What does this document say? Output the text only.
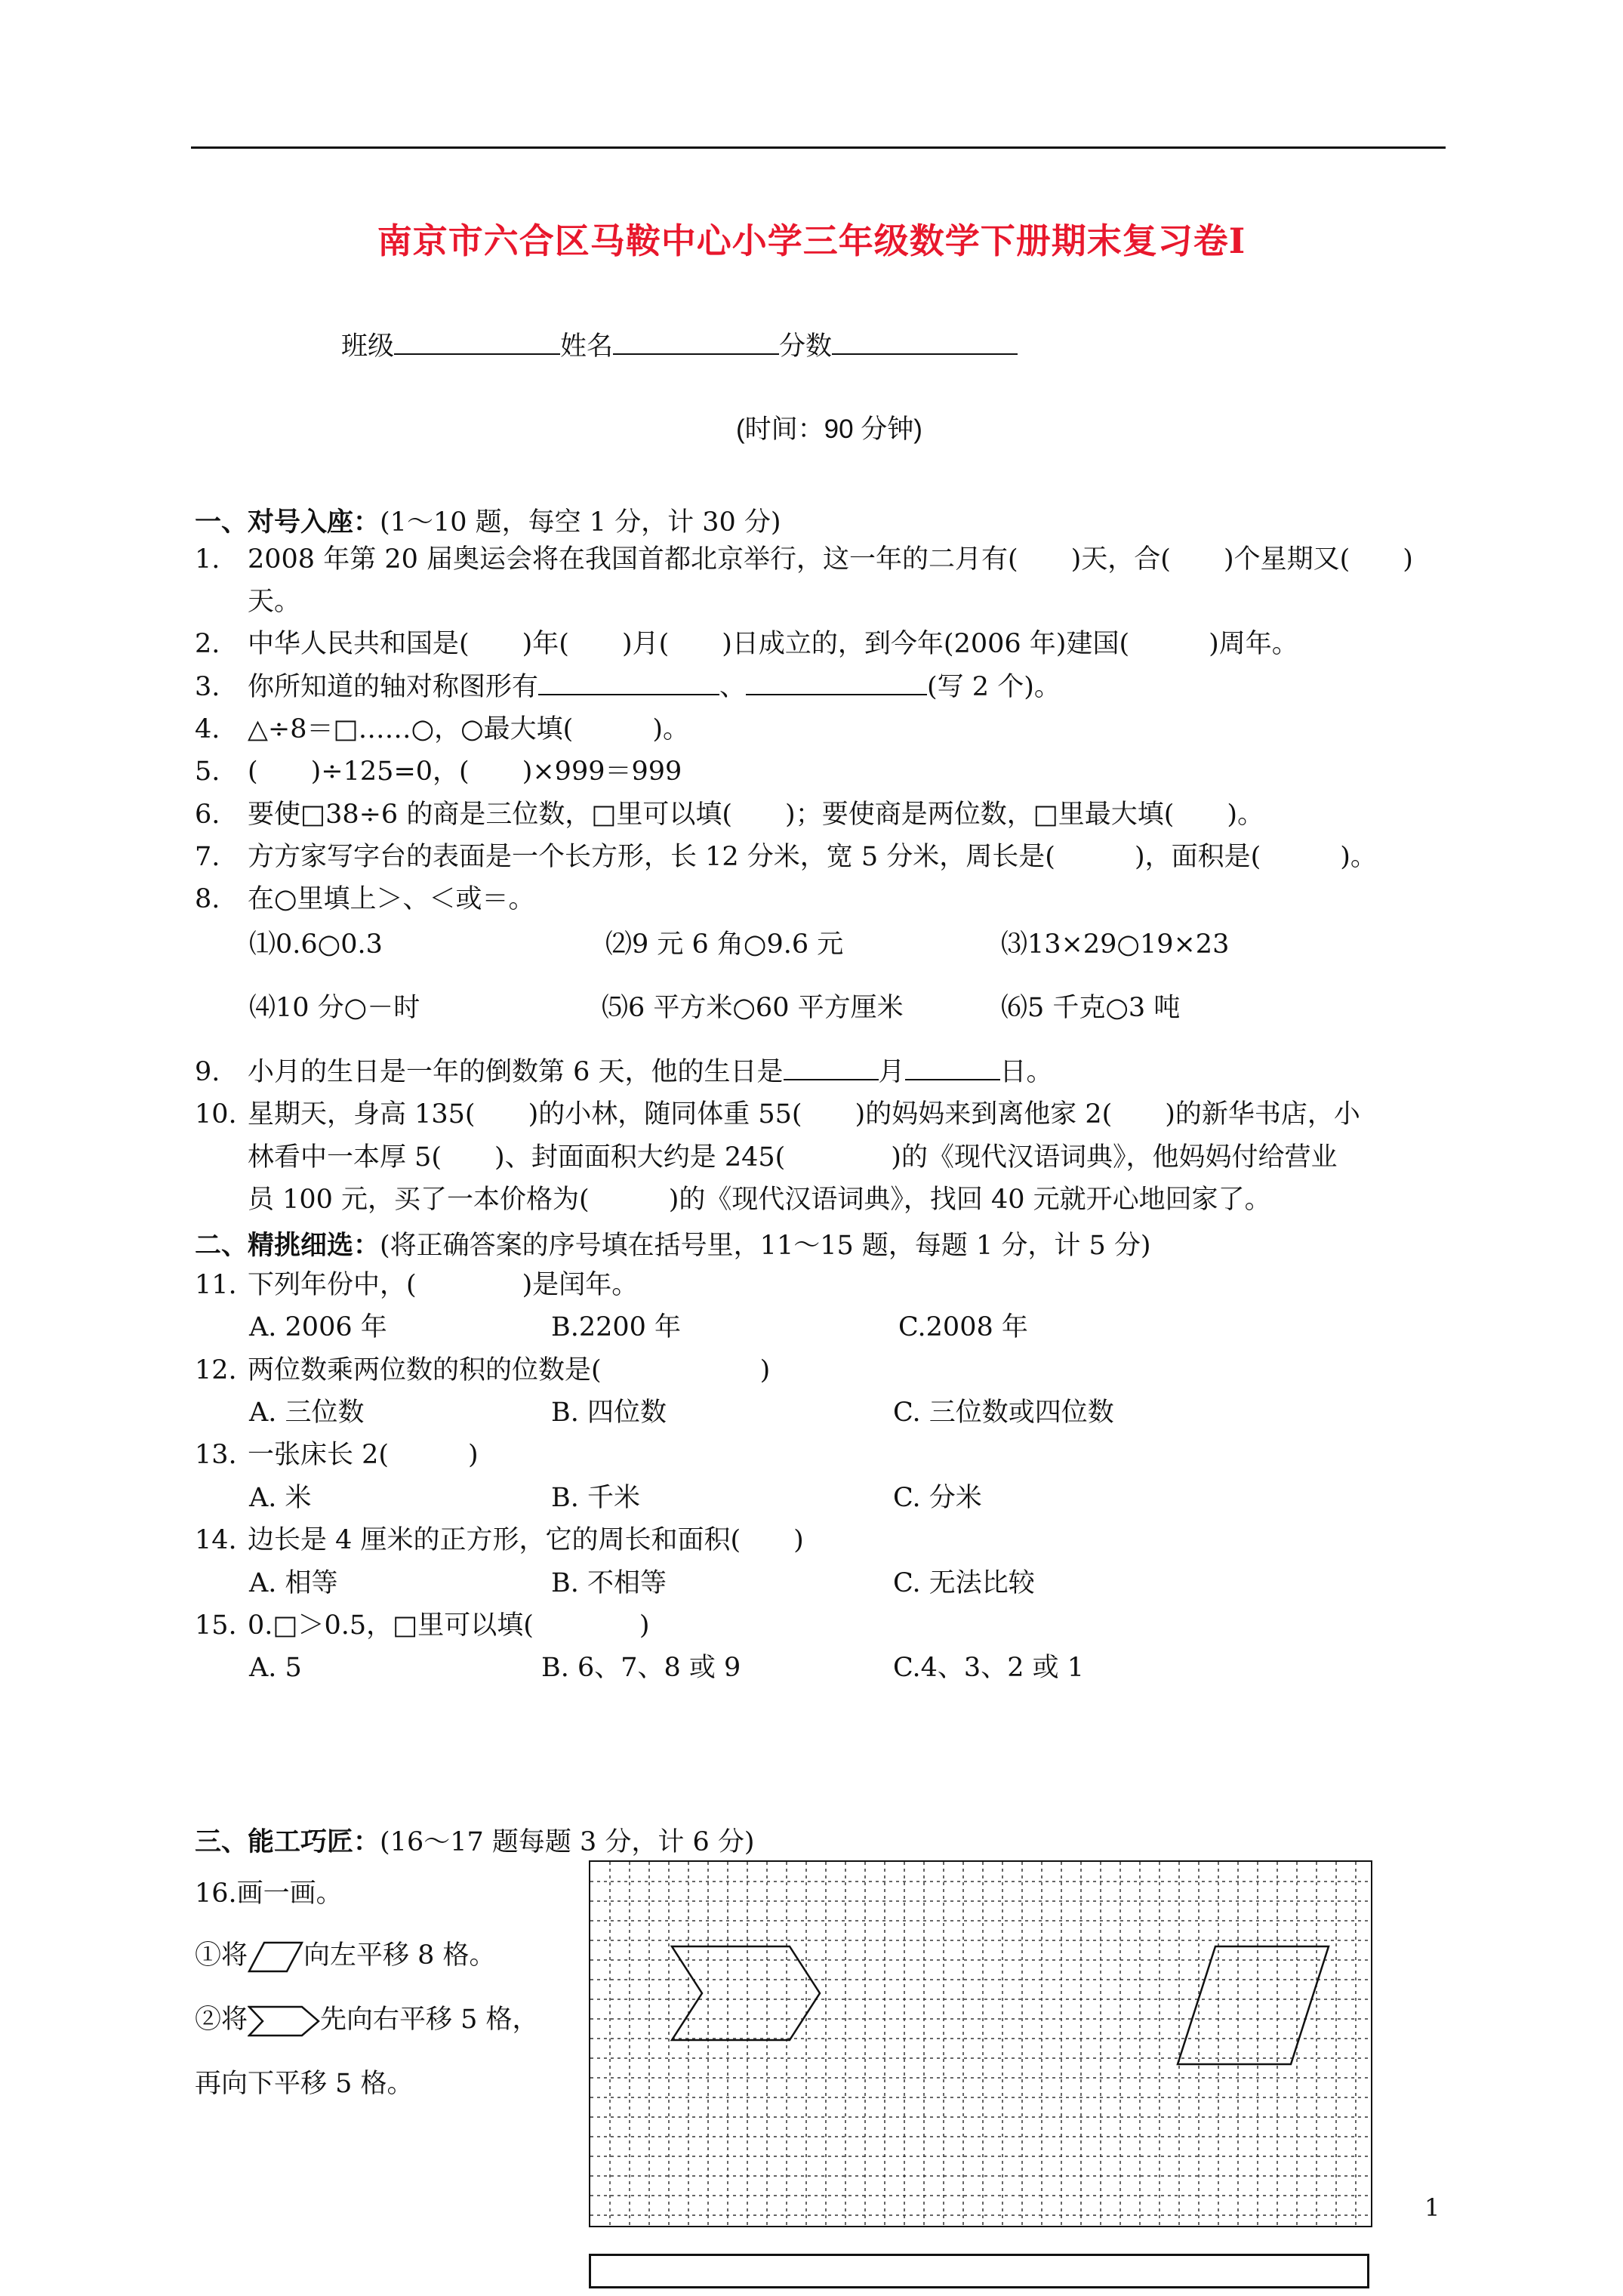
南京市六合区马鞍中心小学三年级数学下册期末复习卷Ⅰ
班级	姓名	分数
(时间：90 分钟)
一、对号入座：(1～10 题，每空 1 分，计 30 分)
1. 2008 年第 20 届奥运会将在我国首都北京举行，这一年的二月有(　　)天，合(　　)个星期又(　　)
天。
2. 中华人民共和国是(　　)年(　　)月(　　)日成立的，到今年(2006 年)建国(　　　)周年。
3. 你所知道的轴对称图形有	、	(写 2 个)。
4. △÷8＝□……○，○最大填(　　　)。
5. (　　)÷125=0，(　　)×999＝999
6. 要使□38÷6 的商是三位数，□里可以填(　　)；要使商是两位数，□里最大填(　　)。
7. 方方家写字台的表面是一个长方形，长 12 分米，宽 5 分米，周长是(　　　)，面积是(　　　)。
8. 在○里填上＞、＜或＝。
⑴0.6○0.3	⑵9 元 6 角○9.6 元	⑶13×29○19×23
⑷10 分○－时	⑸6 平方米○60 平方厘米	⑹5 千克○3 吨
9. 小月的生日是一年的倒数第 6 天，他的生日是	月	日。
10. 星期天，身高 135(　　)的小林，随同体重 55(　　)的妈妈来到离他家 2(　　)的新华书店，小
林看中一本厚 5(　　)、封面面积大约是 245(　　　　)的《现代汉语词典》，他妈妈付给营业
员 100 元，买了一本价格为(　　　)的《现代汉语词典》，找回 40 元就开心地回家了。
二、精挑细选：(将正确答案的序号填在括号里，11～15 题，每题 1 分，计 5 分)
11. 下列年份中，(　　　　)是闰年。
A. 2006 年	B.2200 年	C.2008 年
12. 两位数乘两位数的积的位数是(　　　　　　)
A. 三位数	B. 四位数	C. 三位数或四位数
13. 一张床长 2(　　　)
A. 米	B. 千米	C. 分米
14. 边长是 4 厘米的正方形，它的周长和面积(　　)
A. 相等	B. 不相等	C. 无法比较
15. 0.□＞0.5，□里可以填(　　　　)
A. 5	B. 6、7、8 或 9	C.4、3、2 或 1
三、能工巧匠：(16～17 题每题 3 分，计 6 分)
16.画一画。
①将 向左平移 8 格。
②将	先向右平移 5 格，
再向下平移 5 格。
1
